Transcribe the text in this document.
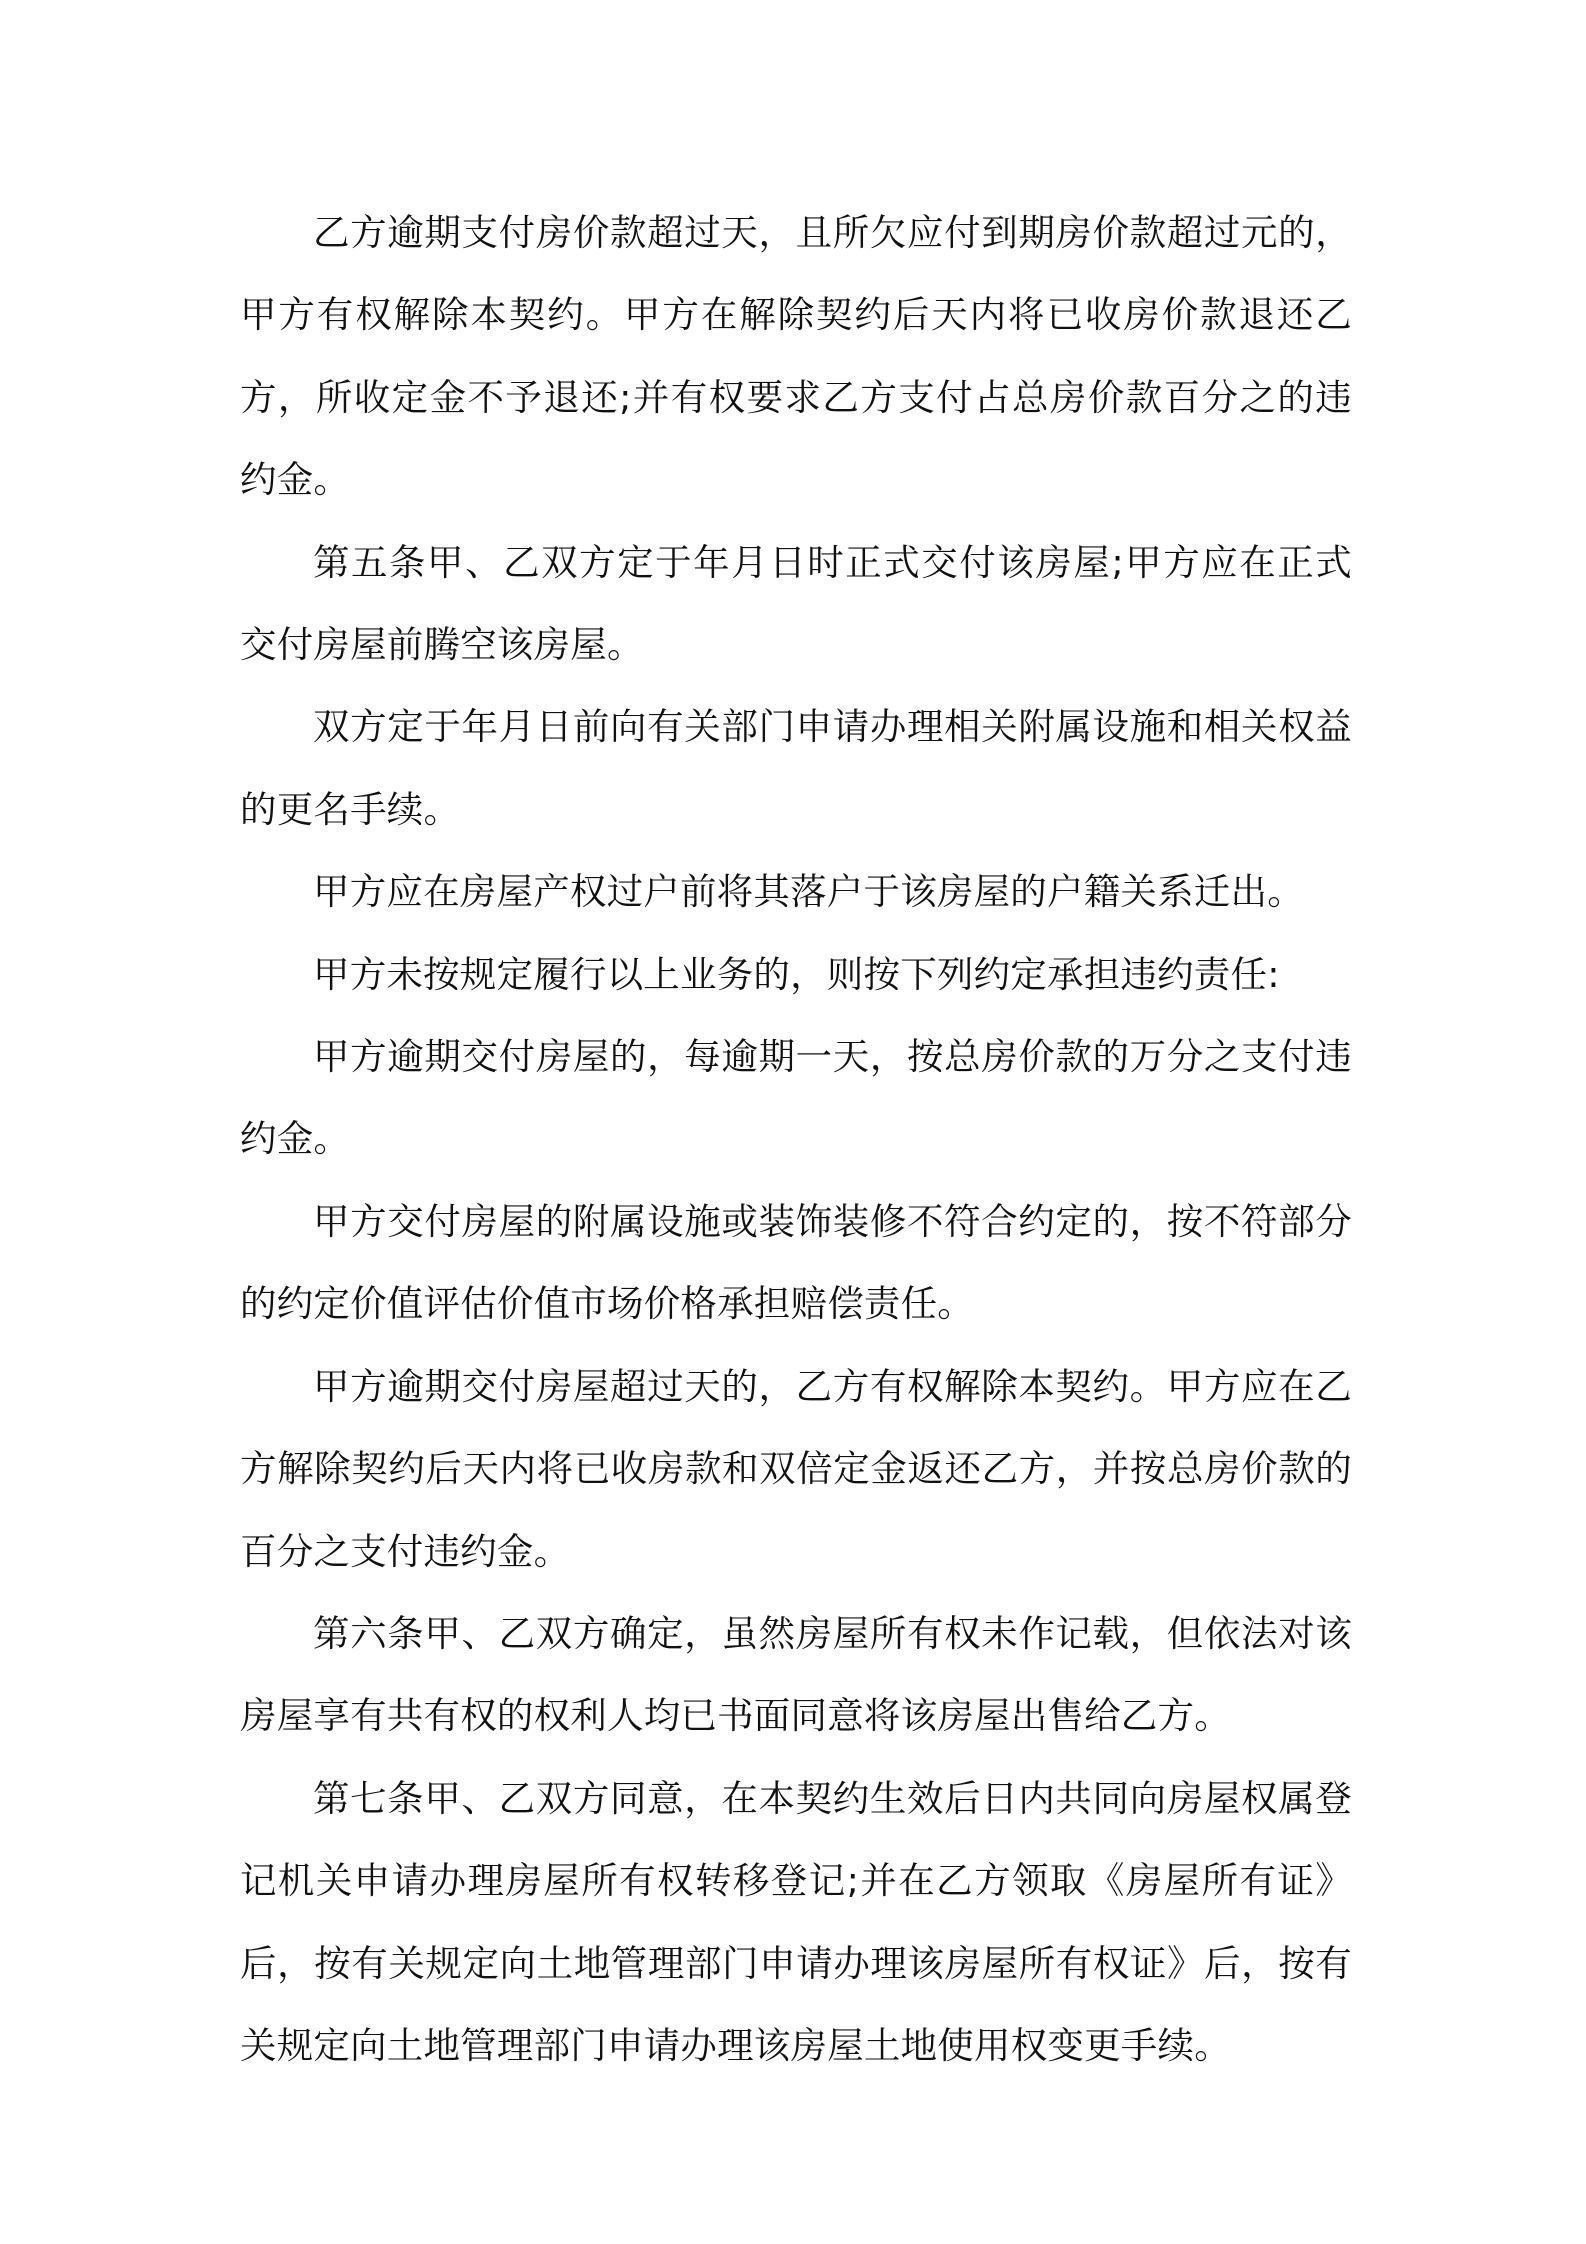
乙方逾期支付房价款超过天，且所欠应付到期房价款超过元的，甲方有权解除本契约。甲方在解除契约后天内将已收房价款退还乙方，所收定金不予退还;并有权要求乙方支付占总房价款百分之的违约金。

第五条甲、乙双方定于年月日时正式交付该房屋;甲方应在正式交付房屋前腾空该房屋。

双方定于年月日前向有关部门申请办理相关附属设施和相关权益的更名手续。

甲方应在房屋产权过户前将其落户于该房屋的户籍关系迁出。

甲方未按规定履行以上业务的，则按下列约定承担违约责任:

甲方逾期交付房屋的，每逾期一天，按总房价款的万分之支付违约金。

甲方交付房屋的附属设施或装饰装修不符合约定的，按不符部分的约定价值评估价值市场价格承担赔偿责任。

甲方逾期交付房屋超过天的，乙方有权解除本契约。甲方应在乙方解除契约后天内将已收房款和双倍定金返还乙方，并按总房价款的百分之支付违约金。

第六条甲、乙双方确定，虽然房屋所有权未作记载，但依法对该房屋享有共有权的权利人均已书面同意将该房屋出售给乙方。

第七条甲、乙双方同意，在本契约生效后日内共同向房屋权属登记机关申请办理房屋所有权转移登记;并在乙方领取《房屋所有证》后，按有关规定向土地管理部门申请办理该房屋所有权证》后，按有关规定向土地管理部门申请办理该房屋土地使用权变更手续。
